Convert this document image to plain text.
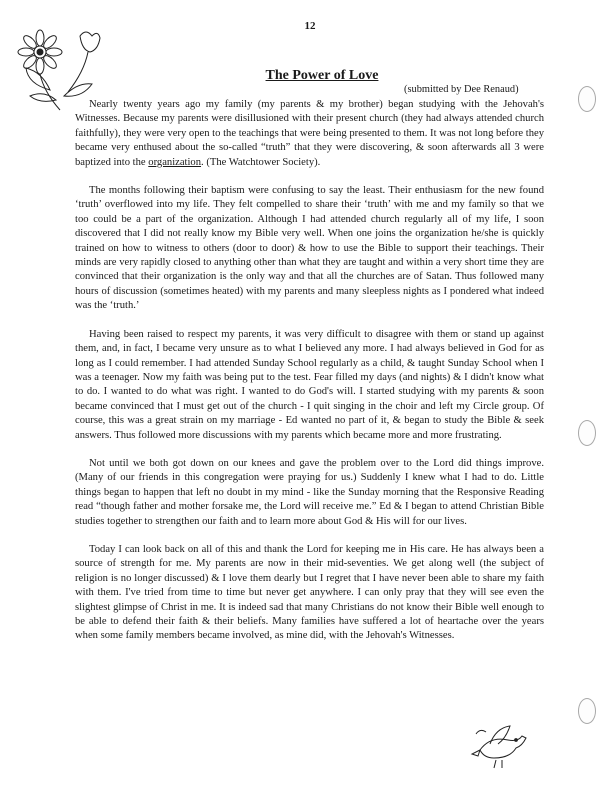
12
The Power of Love
(submitted by Dee Renaud)

Nearly twenty years ago my family (my parents & my brother) began studying with the Jehovah's Witnesses. Because my parents were disillusioned with their present church (they had always attended church faithfully), they were very open to the teachings that were being presented to them. It was not long before they became very enthused about the so-called “truth” that they were discovering, & soon afterwards all 3 were baptized into the organization. (The Watchtower Society).

The months following their baptism were confusing to say the least. Their enthusiasm for the new found ‘truth’ overflowed into my life. They felt compelled to share their ‘truth’ with me and my family so that we too could be a part of the organization. Although I had attended church regularly all of my life, I soon discovered that I did not really know my Bible very well. When one joins the organization he/she is quickly trained on how to witness to others (door to door) & how to use the Bible to support their teachings. Their minds are very rapidly closed to anything other than what they are taught and within a very short time they are convinced that their organization is the only way and that all the churches are of Satan. Thus followed many hours of discussion (sometimes heated) with my parents and many sleepless nights as I pondered what indeed was the ‘truth.’

Having been raised to respect my parents, it was very difficult to disagree with them or stand up against them, and, in fact, I became very unsure as to what I believed any more. I had always believed in God for as long as I could remember. I had attended Sunday School regularly as a child, & taught Sunday School when I was a teenager. Now my faith was being put to the test. Fear filled my days (and nights) & I didn't know what to do. I wanted to do what was right. I wanted to do God's will. I started studying with my parents & soon became convinced that I must get out of the church - I quit singing in the choir and left my Circle group. Of course, this was a great strain on my marriage - Ed wanted no part of it, & began to study the Bible & seek answers. Thus followed more discussions with my parents which became more and more frustrating.

Not until we both got down on our knees and gave the problem over to the Lord did things improve. (Many of our friends in this congregation were praying for us.) Suddenly I knew what I had to do. Little things began to happen that left no doubt in my mind - like the Sunday morning that the Responsive Reading read “though father and mother forsake me, the Lord will receive me.” Ed & I began to attend Christian Bible studies together to strengthen our faith and to learn more about God & His will for our lives.

Today I can look back on all of this and thank the Lord for keeping me in His care. He has always been a source of strength for me. My parents are now in their mid-seventies. We get along well (the subject of religion is no longer discussed) & I love them dearly but I regret that I have never been able to share my faith with them. I've tried from time to time but never get anywhere. I can only pray that they will see even the slightest glimpse of Christ in me. It is indeed sad that many Christians do not know their Bible well enough to be able to defend their faith & their beliefs. Many families have suffered a lot of heartache over the years when some family members became involved, as mine did, with the Jehovah's Witnesses.
